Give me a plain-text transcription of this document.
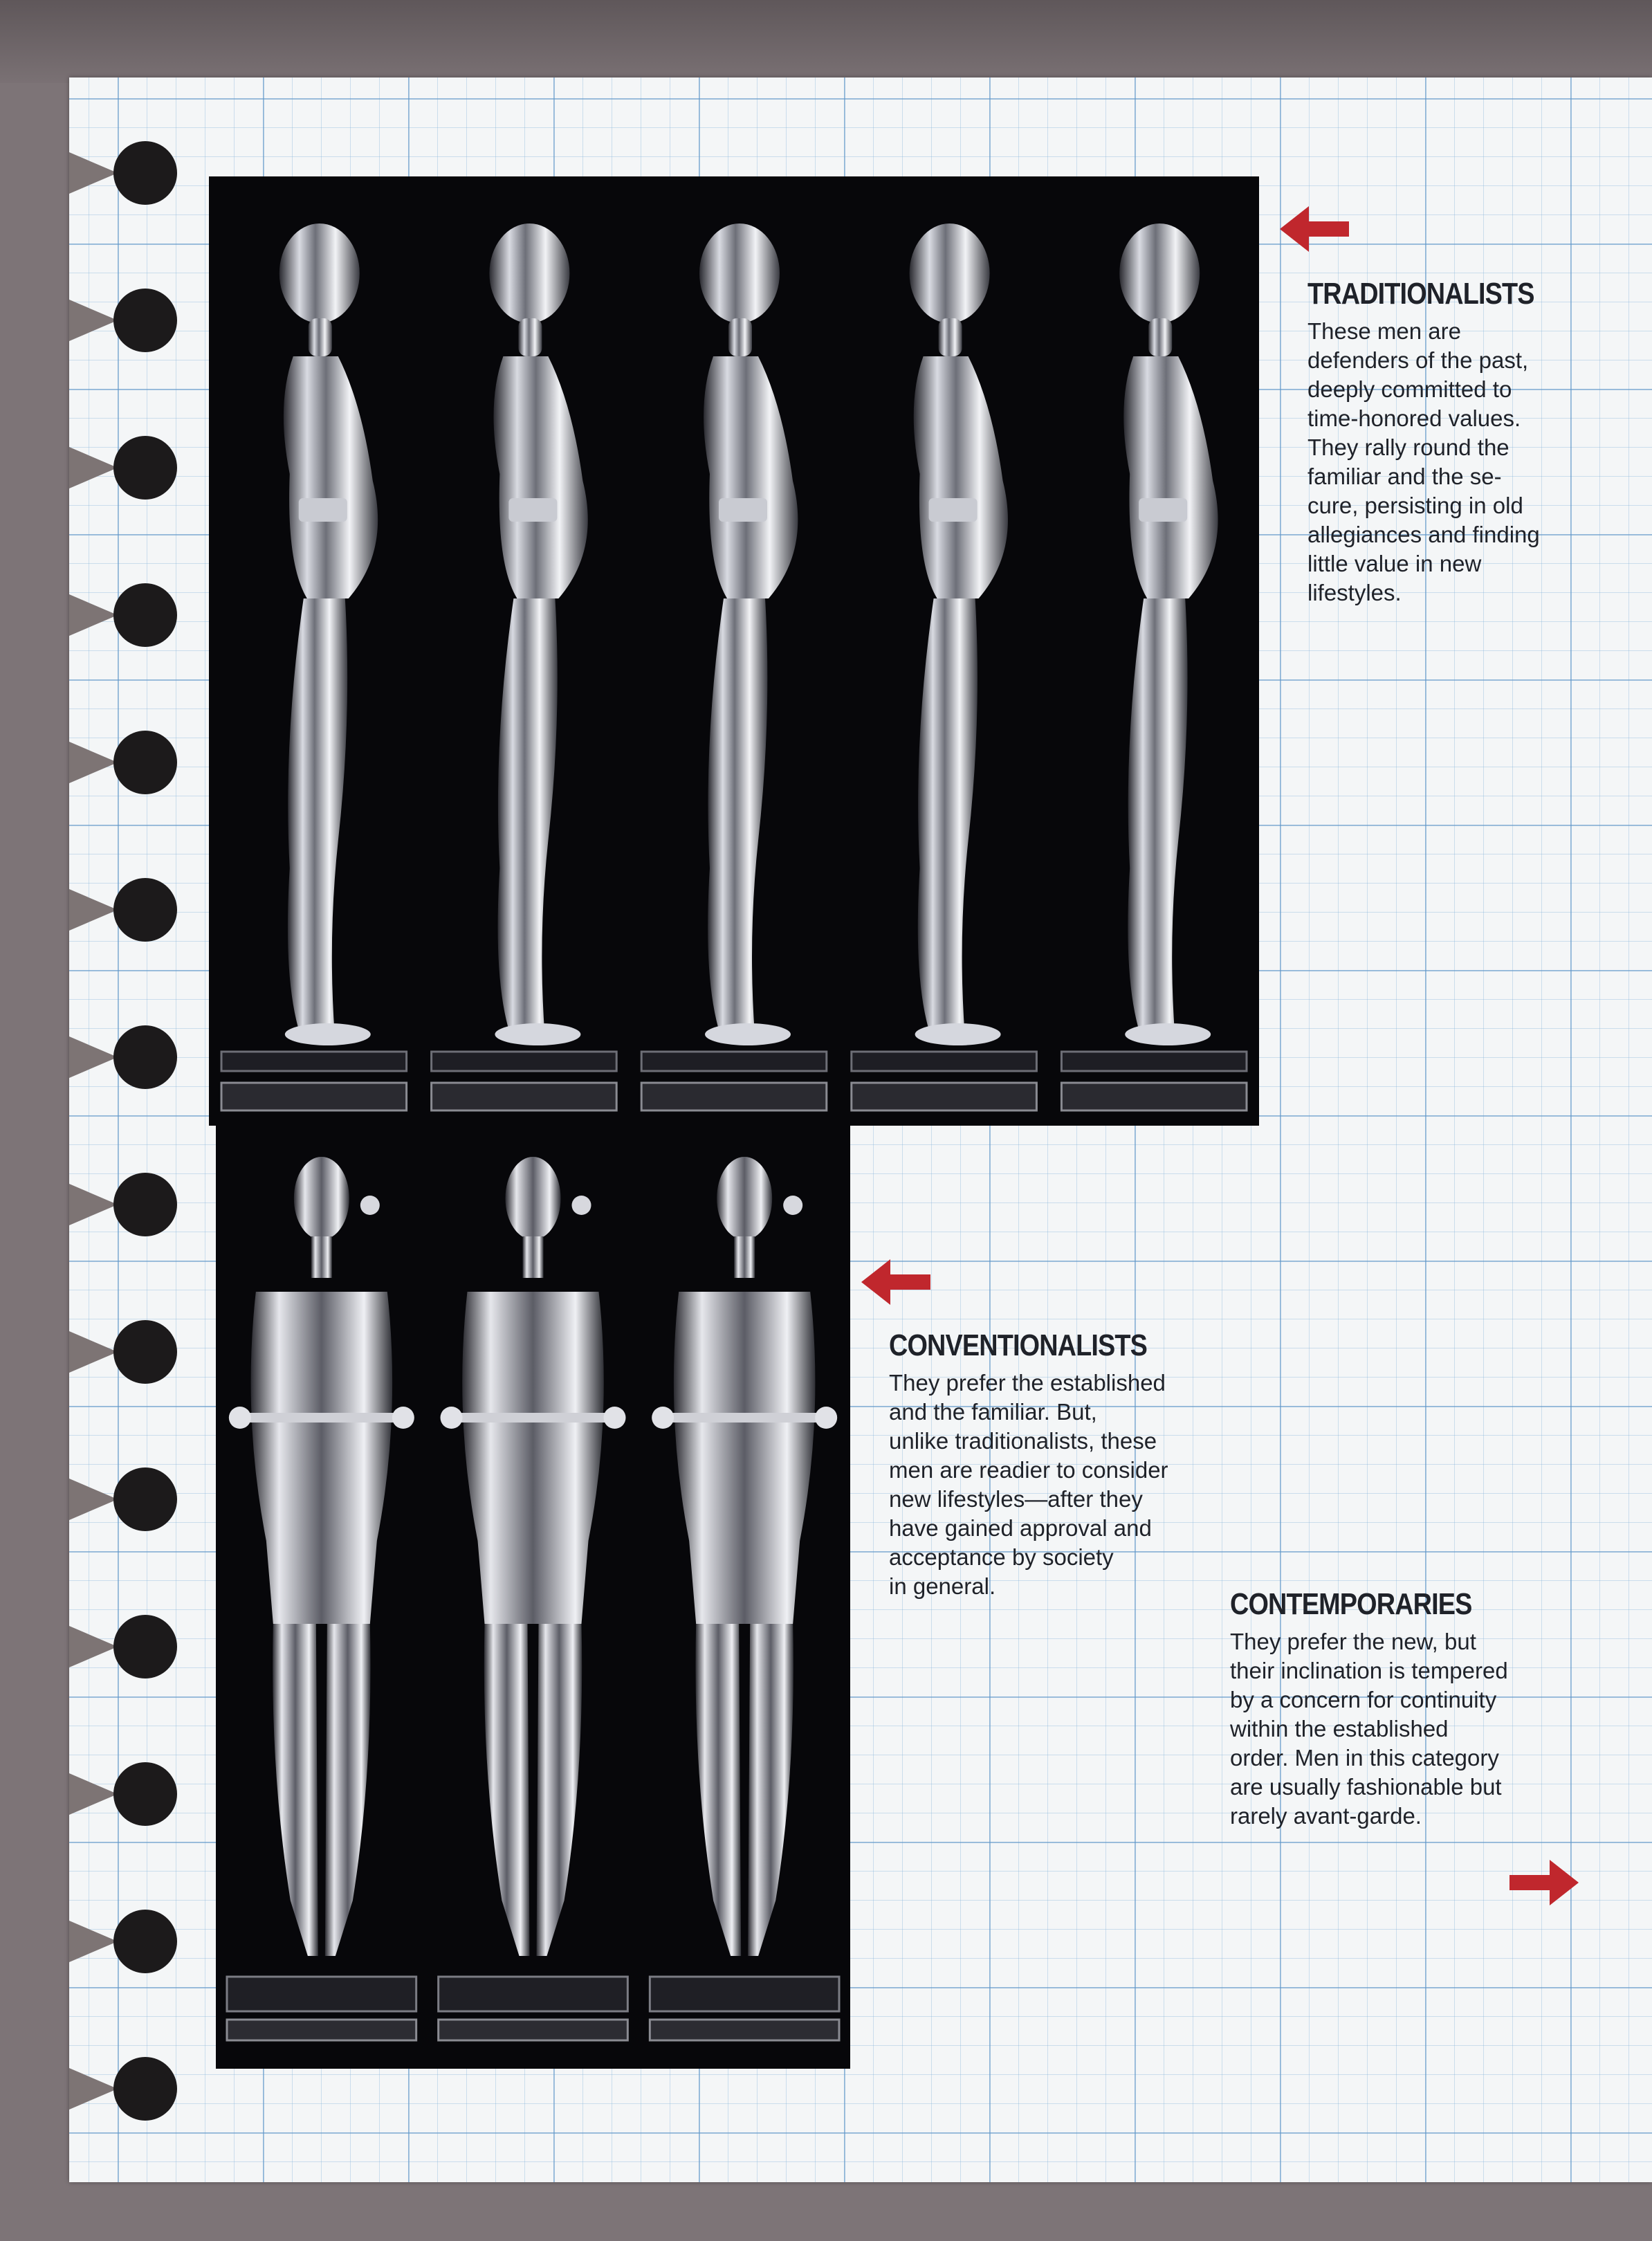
TRADITIONALISTS

These men are
defenders of the past,
deeply committed to
time-honored values.
They rally round the
familiar and the se-
cure, persisting in old
allegiances and finding
little value in new
lifestyles.

CONVENTIONALISTS

They prefer the established
and the familiar. But,
unlike traditionalists, these
men are readier to consider
new lifestyles—after they
have gained approval and
acceptance by society
in general.

CONTEMPORARIES

They prefer the new, but
their inclination is tempered
by a concern for continuity
within the established
order. Men in this category
are usually fashionable but
rarely avant-garde.
